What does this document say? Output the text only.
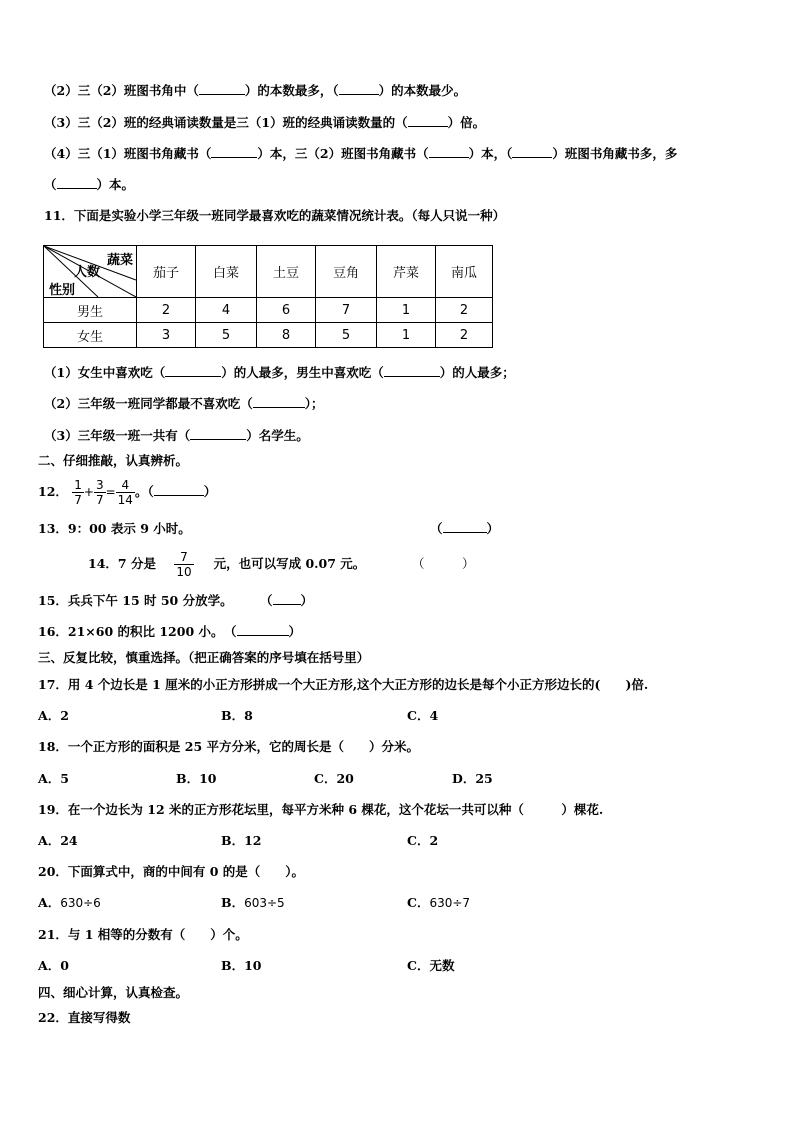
（2）三（2）班图书角中（	）的本数最多，（	）的本数最少。
（3）三（2）班的经典诵读数量是三（1）班的经典诵读数量的（	）倍。
（4）三（1）班图书角藏书（	）本，三（2）班图书角藏书（	）本，（	）班图书角藏书多，多
（	）本。
11．下面是实验小学三年级一班同学最喜欢吃的蔬菜情况统计表。（每人只说一种）
蔬菜
人数
性别	茄子	白菜	土豆	豆角	芹菜	南瓜
男生	2	4	6	7	1	2
女生	3	5	8	5	1	2
（1）女生中喜欢吃（	）的人最多，男生中喜欢吃（	）的人最多；
（2）三年级一班同学都最不喜欢吃（	）；
（3）三年级一班一共有（	）名学生。
二、仔细推敲，认真辨析。
12． $\frac{1}{7} + \frac{3}{7} = \frac{4}{14}$ 。（	）
13．9：00 表示 9 小时。	（	）
14．7 分是 $\frac{7}{10}$ 元，也可以写成 0.07 元。	（　　　）
15．兵兵下午 15 时 50 分放学。 （ ）
16．21×60 的积比 1200 小。 （	）
三、反复比较，慎重选择。（把正确答案的序号填在括号里）
17．用 4 个边长是 1 厘米的小正方形拼成一个大正方形,这个大正方形的边长是每个小正方形边长的(　　)倍.
A．2	B．8	C．4
18．一个正方形的面积是 25 平方分米，它的周长是（　　）分米。
A．5	B．10	C．20	D．25
19．在一个边长为 12 米的正方形花坛里，每平方米种 6 棵花，这个花坛一共可以种（　　　）棵花.
A．24	B．12	C．2
20．下面算式中，商的中间有 0 的是（　　）。
A．630÷6	B．603÷5	C．630÷7
21．与 1 相等的分数有（　　）个。
A．0	B．10	C．无数
四、细心计算，认真检查。
22．直接写得数
